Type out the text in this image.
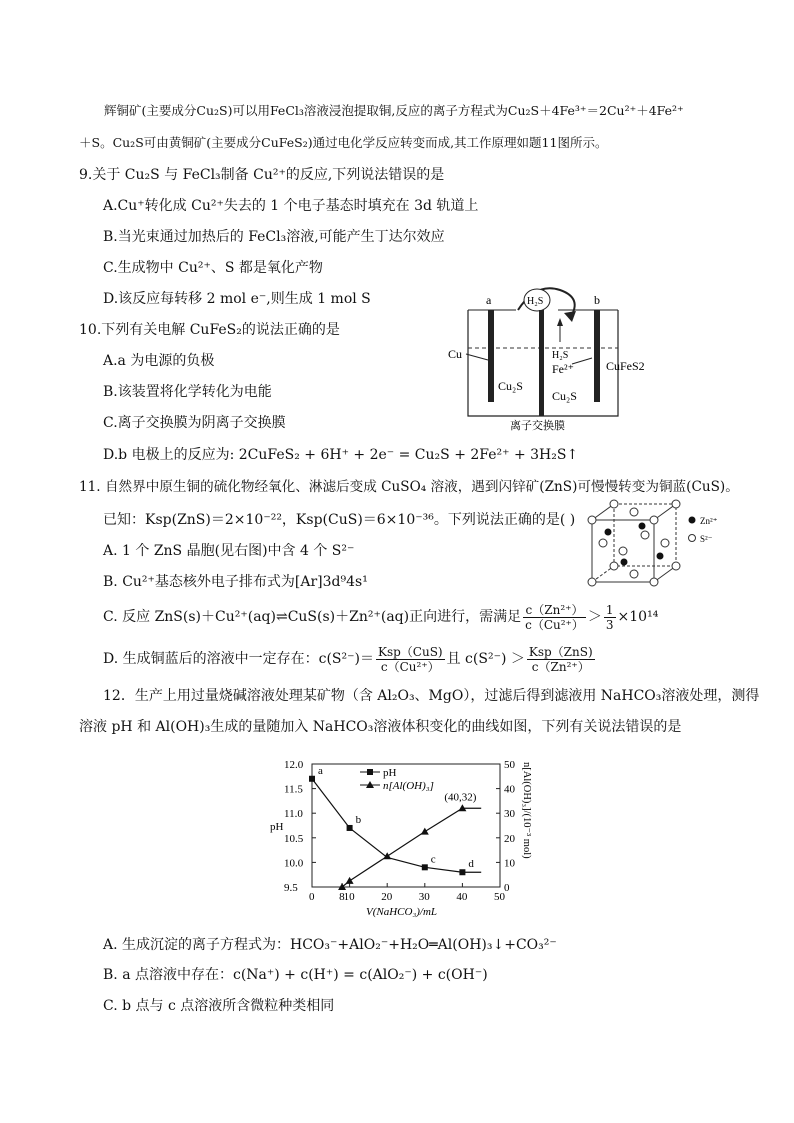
辉铜矿(主要成分Cu₂S)可以用FeCl₃溶液浸泡提取铜,反应的离子方程式为Cu₂S＋4Fe³⁺＝2Cu²⁺＋4Fe²⁺
＋S。Cu₂S可由黄铜矿(主要成分CuFeS₂)通过电化学反应转变而成,其工作原理如题11图所示。
9.关于 Cu₂S 与 FeCl₃制备 Cu²⁺的反应,下列说法错误的是
A.Cu⁺转化成 Cu²⁺失去的 1 个电子基态时填充在 3d 轨道上
B.当光束通过加热后的 FeCl₃溶液,可能产生丁达尔效应
C.生成物中 Cu²⁺、S 都是氧化产物
D.该反应每转移 2 mol e⁻,则生成 1 mol S
10.下列有关电解 CuFeS₂的说法正确的是
A.a 为电源的负极
B.该装置将化学转化为电能
C.离子交换膜为阴离子交换膜
D.b 电极上的反应为: 2CuFeS₂ + 6H⁺ + 2e⁻ = Cu₂S + 2Fe²⁺ + 3H₂S↑
H₂S
a	b
Cu
Cu₂S
H₂S
Fe²⁺
Cu₂S
CuFeS2
离子交换膜
11. 自然界中原生铜的硫化物经氧化、淋滤后变成 CuSO₄ 溶液，遇到闪锌矿(ZnS)可慢慢转变为铜蓝(CuS)。
已知：Ksp(ZnS)＝2×10⁻²²，Ksp(CuS)＝6×10⁻³⁶。下列说法正确的是( )
A. 1 个 ZnS 晶胞(见右图)中含 4 个 S²⁻
B. Cu²⁺基态核外电子排布式为[Ar]3d⁹4s¹
C. 反应 ZnS(s)＋Cu²⁺(aq)⇌CuS(s)＋Zn²⁺(aq)正向进行，需满足 $\frac{\text{c（Zn²⁺）}}{\text{c（Cu²⁺）}} > \frac{1}{3} \times 10^{14}$
D. 生成铜蓝后的溶液中一定存在：$c(S^{2-})= \frac{\text{Ksp（CuS)}}{\text{c（Cu²⁺）}}$ 且 $c(S^{2-}) > \frac{\text{Ksp（ZnS)}}{\text{c（Zn²⁺）}}$
Zn²⁺
S²⁻
12．生产上用过量烧碱溶液处理某矿物（含 Al₂O₃、MgO），过滤后得到滤液用 NaHCO₃溶液处理，测得
溶液 pH 和 Al(OH)₃生成的量随加入 NaHCO₃溶液体积变化的曲线如图，下列有关说法错误的是
0 8 10 20 30 40 50
9.5
10.0
10.5
11.0
11.5
12.0
0
10
20
30
40
50
a
b
c	d
pH
n[Al(OH)₃]
V(NaHCO₃)/mL
pH	n[Al(OH)₃]/(10⁻³ mol)
(40,32)
A. 生成沉淀的离子方程式为：HCO₃⁻+AlO₂⁻+H₂O═Al(OH)₃↓+CO₃²⁻
B. a 点溶液中存在：c(Na⁺) + c(H⁺) = c(AlO₂⁻) + c(OH⁻)
C. b 点与 c 点溶液所含微粒种类相同
